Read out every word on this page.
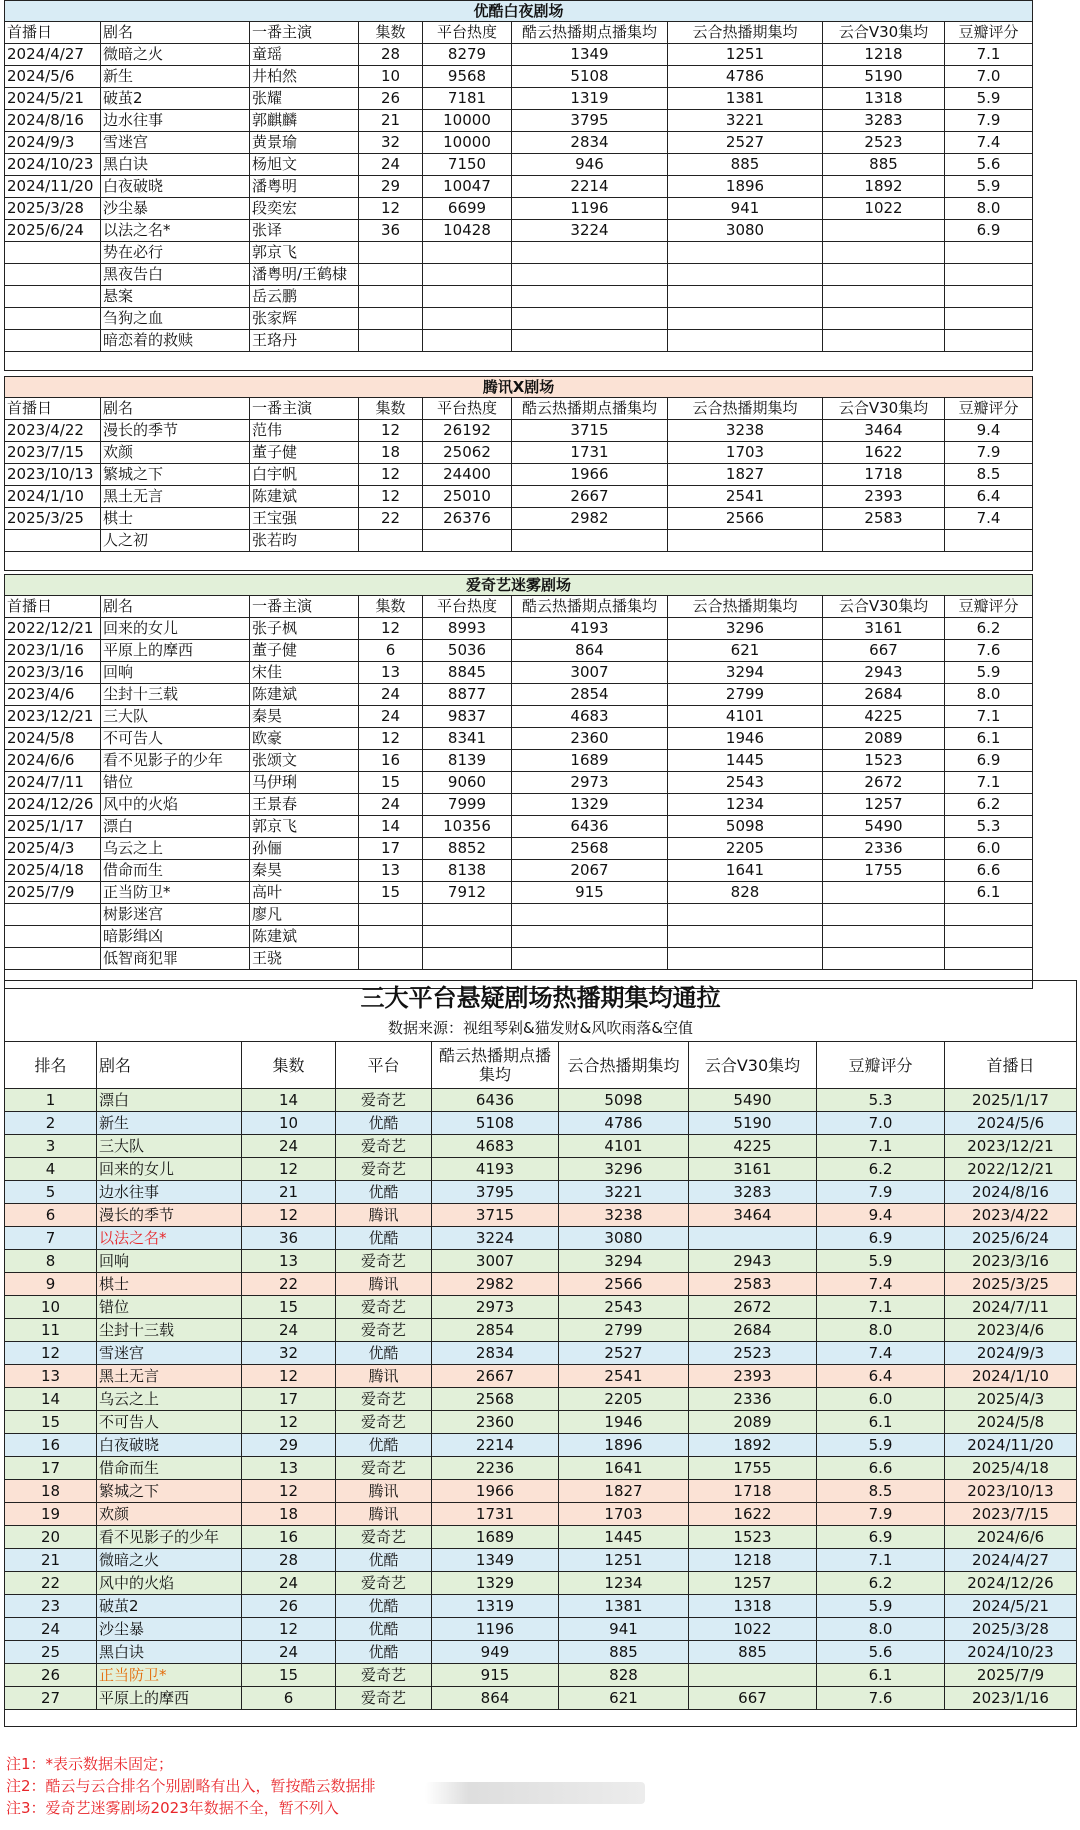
优酷白夜剧场								
首播日	剧名	一番主演	集数	平台热度	酷云热播期点播集均	云合热播期集均	云合V30集均	豆瓣评分
2024/4/27	微暗之火	童瑶	28	8279	1349	1251	1218	7.1
2024/5/6	新生	井柏然	10	9568	5108	4786	5190	7.0
2024/5/21	破茧2	张耀	26	7181	1319	1381	1318	5.9
2024/8/16	边水往事	郭麒麟	21	10000	3795	3221	3283	7.9
2024/9/3	雪迷宫	黄景瑜	32	10000	2834	2527	2523	7.4
2024/10/23	黑白诀	杨旭文	24	7150	946	885	885	5.6
2024/11/20	白夜破晓	潘粤明	29	10047	2214	1896	1892	5.9
2025/3/28	沙尘暴	段奕宏	12	6699	1196	941	1022	8.0
2025/6/24	以法之名*	张译	36	10428	3224	3080		6.9
	势在必行	郭京飞						
	黑夜告白	潘粤明/王鹤棣						
	悬案	岳云鹏						
	刍狗之血	张家辉						
	暗恋着的救赎	王珞丹						

腾讯X剧场								
首播日	剧名	一番主演	集数	平台热度	酷云热播期点播集均	云合热播期集均	云合V30集均	豆瓣评分
2023/4/22	漫长的季节	范伟	12	26192	3715	3238	3464	9.4
2023/7/15	欢颜	董子健	18	25062	1731	1703	1622	7.9
2023/10/13	繁城之下	白宇帆	12	24400	1966	1827	1718	8.5
2024/1/10	黑土无言	陈建斌	12	25010	2667	2541	2393	6.4
2025/3/25	棋士	王宝强	22	26376	2982	2566	2583	7.4
	人之初	张若昀						

爱奇艺迷雾剧场								
首播日	剧名	一番主演	集数	平台热度	酷云热播期点播集均	云合热播期集均	云合V30集均	豆瓣评分
2022/12/21	回来的女儿	张子枫	12	8993	4193	3296	3161	6.2
2023/1/16	平原上的摩西	董子健	6	5036	864	621	667	7.6
2023/3/16	回响	宋佳	13	8845	3007	3294	2943	5.9
2023/4/6	尘封十三载	陈建斌	24	8877	2854	2799	2684	8.0
2023/12/21	三大队	秦昊	24	9837	4683	4101	4225	7.1
2024/5/8	不可告人	欧豪	12	8341	2360	1946	2089	6.1
2024/6/6	看不见影子的少年	张颂文	16	8139	1689	1445	1523	6.9
2024/7/11	错位	马伊琍	15	9060	2973	2543	2672	7.1
2024/12/26	风中的火焰	王景春	24	7999	1329	1234	1257	6.2
2025/1/17	漂白	郭京飞	14	10356	6436	5098	5490	5.3
2025/4/3	乌云之上	孙俪	17	8852	2568	2205	2336	6.0
2025/4/18	借命而生	秦昊	13	8138	2067	1641	1755	6.6
2025/7/9	正当防卫*	高叶	15	7912	915	828		6.1
	树影迷宫	廖凡						
	暗影缉凶	陈建斌						
	低智商犯罪	王骁						

三大平台悬疑剧场热播期集均通拉								
数据来源：视组琴剁&猫发财&风吹雨落&空值								
排名	剧名	集数	平台	酷云热播期点播集均	云合热播期集均	云合V30集均	豆瓣评分	首播日
1	漂白	14	爱奇艺	6436	5098	5490	5.3	2025/1/17
2	新生	10	优酷	5108	4786	5190	7.0	2024/5/6
3	三大队	24	爱奇艺	4683	4101	4225	7.1	2023/12/21
4	回来的女儿	12	爱奇艺	4193	3296	3161	6.2	2022/12/21
5	边水往事	21	优酷	3795	3221	3283	7.9	2024/8/16
6	漫长的季节	12	腾讯	3715	3238	3464	9.4	2023/4/22
7	以法之名*	36	优酷	3224	3080		6.9	2025/6/24
8	回响	13	爱奇艺	3007	3294	2943	5.9	2023/3/16
9	棋士	22	腾讯	2982	2566	2583	7.4	2025/3/25
10	错位	15	爱奇艺	2973	2543	2672	7.1	2024/7/11
11	尘封十三载	24	爱奇艺	2854	2799	2684	8.0	2023/4/6
12	雪迷宫	32	优酷	2834	2527	2523	7.4	2024/9/3
13	黑土无言	12	腾讯	2667	2541	2393	6.4	2024/1/10
14	乌云之上	17	爱奇艺	2568	2205	2336	6.0	2025/4/3
15	不可告人	12	爱奇艺	2360	1946	2089	6.1	2024/5/8
16	白夜破晓	29	优酷	2214	1896	1892	5.9	2024/11/20
17	借命而生	13	爱奇艺	2236	1641	1755	6.6	2025/4/18
18	繁城之下	12	腾讯	1966	1827	1718	8.5	2023/10/13
19	欢颜	18	腾讯	1731	1703	1622	7.9	2023/7/15
20	看不见影子的少年	16	爱奇艺	1689	1445	1523	6.9	2024/6/6
21	微暗之火	28	优酷	1349	1251	1218	7.1	2024/4/27
22	风中的火焰	24	爱奇艺	1329	1234	1257	6.2	2024/12/26
23	破茧2	26	优酷	1319	1381	1318	5.9	2024/5/21
24	沙尘暴	12	优酷	1196	941	1022	8.0	2025/3/28
25	黑白诀	24	优酷	949	885	885	5.6	2024/10/23
26	正当防卫*	15	爱奇艺	915	828		6.1	2025/7/9
27	平原上的摩西	6	爱奇艺	864	621	667	7.6	2023/1/16

注1：*表示数据未固定；
注2：酷云与云合排名个别剧略有出入，暂按酷云数据排
注3：爱奇艺迷雾剧场2023年数据不全，暂不列入
